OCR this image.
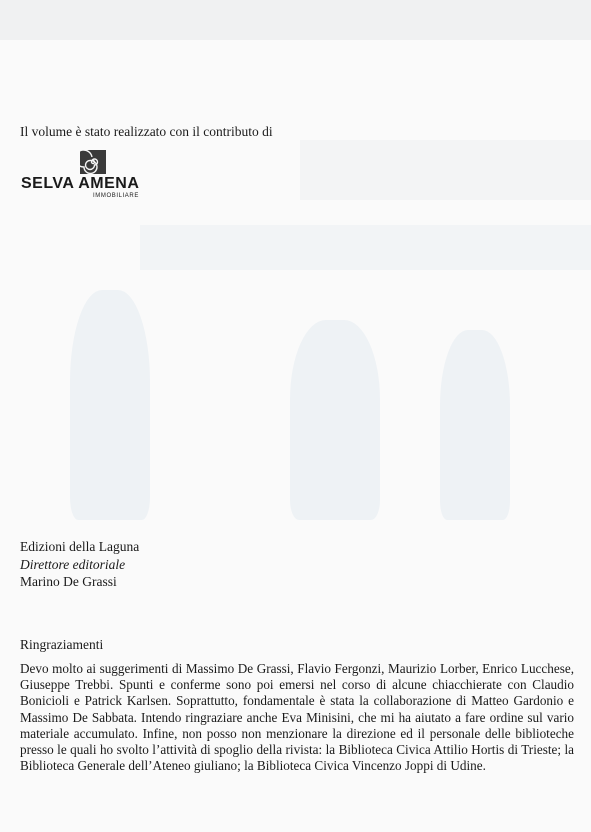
Il volume è stato realizzato con il contributo di

SELVA AMENA
IMMOBILIARE
Edizioni della Laguna
Direttore editoriale
Marino De Grassi
Ringraziamenti

Devo molto ai suggerimenti di Massimo De Grassi, Flavio Fergonzi, Maurizio Lorber, Enrico Lucchese, Giuseppe Trebbi. Spunti e conferme sono poi emersi nel corso di alcune chiacchierate con Claudio Bonicioli e Patrick Karlsen. Soprattutto, fondamentale è stata la collaborazione di Matteo Gardonio e Massimo De Sabbata. Intendo ringraziare anche Eva Minisini, che mi ha aiutato a fare ordine sul vario materiale accumulato. Infine, non posso non menzionare la direzione ed il personale delle biblioteche presso le quali ho svolto l’attività di spoglio della rivista: la Biblioteca Civica Attilio Hortis di Trieste; la Biblioteca Generale dell’Ateneo giuliano; la Biblioteca Civica Vincenzo Joppi di Udine.
